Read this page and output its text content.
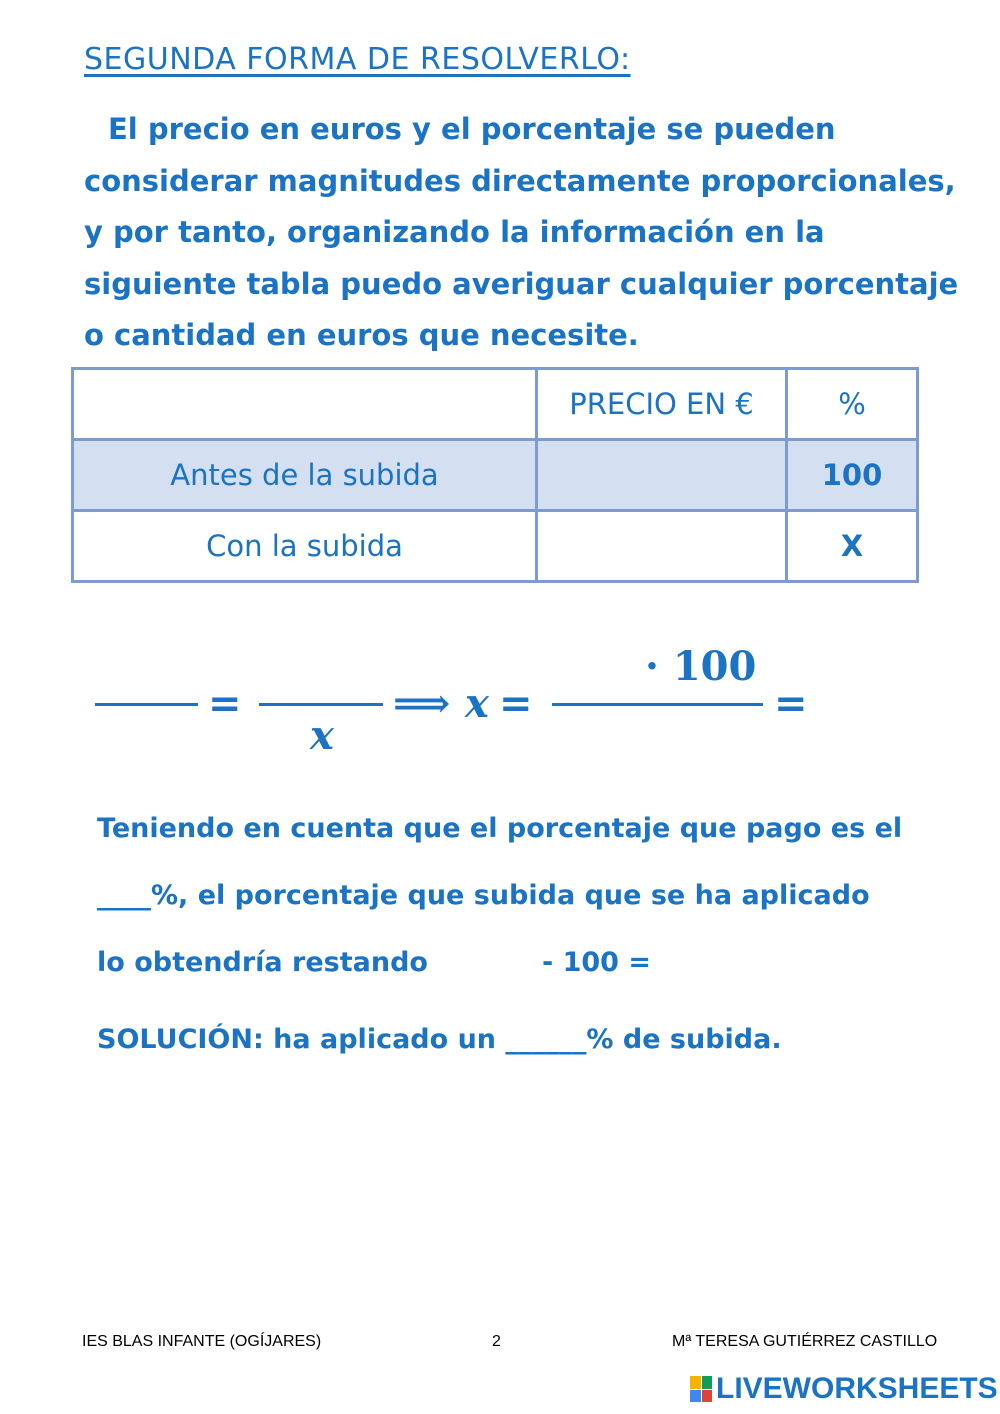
SEGUNDA FORMA DE RESOLVERLO:
El precio en euros y el porcentaje se pueden
considerar magnitudes directamente proporcionales,
y por tanto, organizando la información en la
siguiente tabla puedo averiguar cualquier porcentaje
o cantidad en euros que necesite.
	PRECIO EN €	%
Antes de la subida		100
Con la subida		X
=
x
⟹ x =
· 100
=
Teniendo en cuenta que el porcentaje que pago es el
____%, el porcentaje que subida que se ha aplicado
lo obtendría restando	- 100 =
SOLUCIÓN: ha aplicado un ______% de subida.
IES BLAS INFANTE (OGÍJARES)	2	Mª TERESA GUTIÉRREZ CASTILLO
LIVEWORKSHEETS
